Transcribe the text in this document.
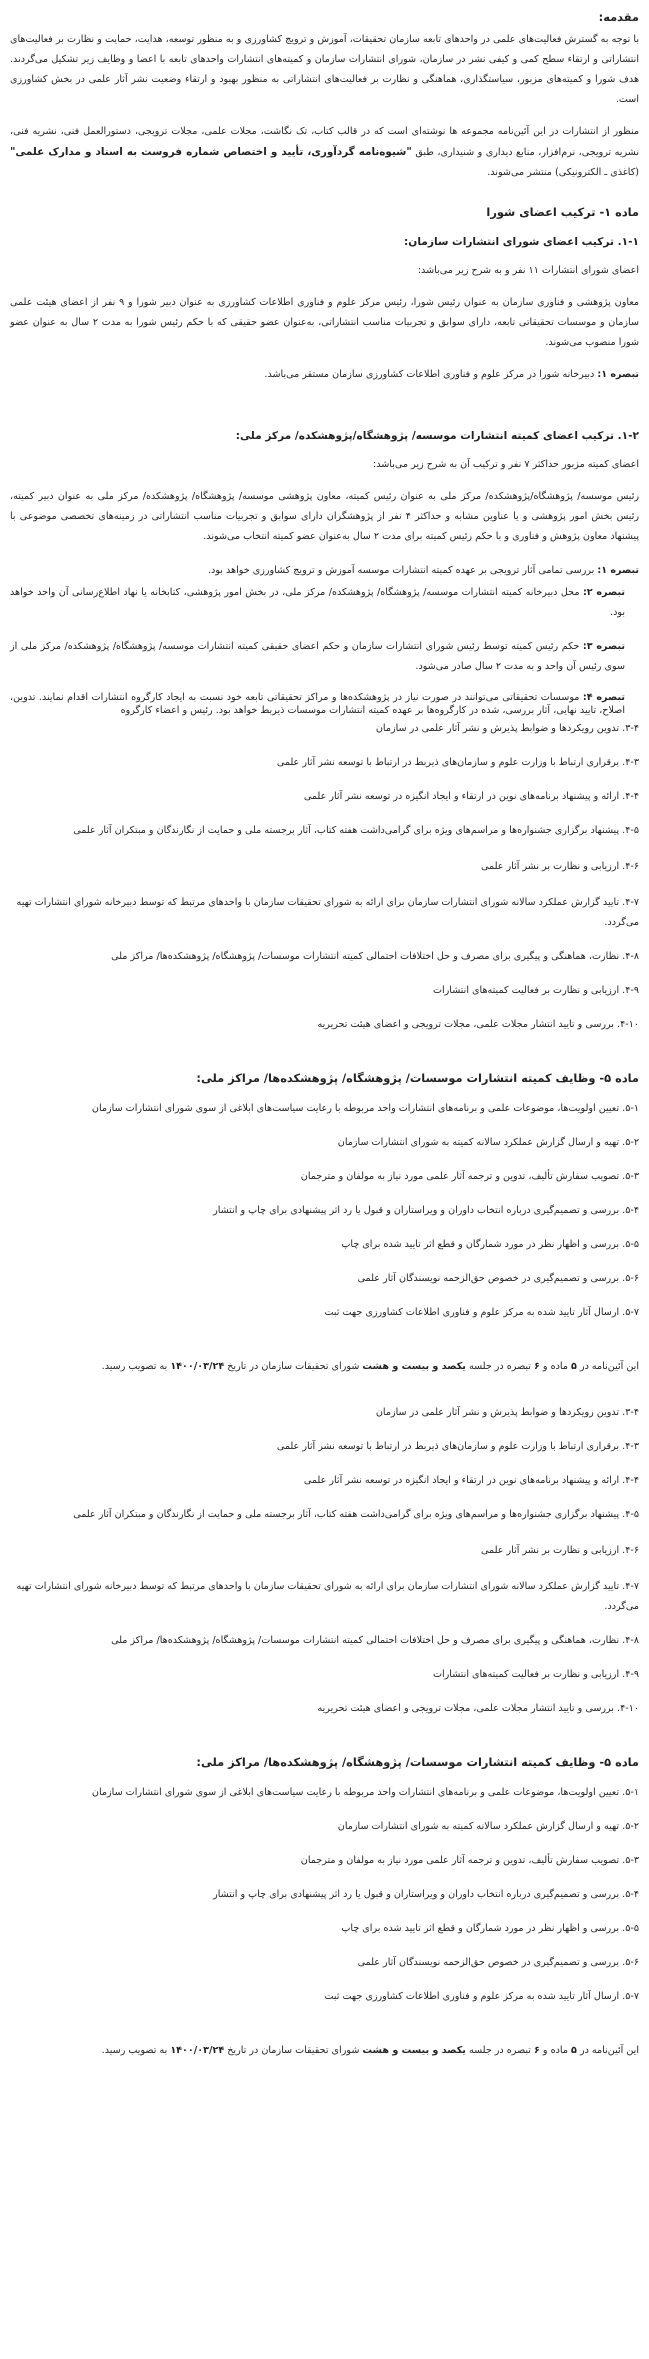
مقدمه:

با توجه به گسترش فعالیت‌های علمی در واحدهای تابعه سازمان تحقیقات، آموزش و ترویج کشاورزی و به منظور توسعه، هدایت، حمایت و نظارت بر فعالیت‌های انتشاراتی و ارتقاء سطح کمی و کیفی نشر در سازمان، شورای انتشارات سازمان و کمیته‌های انتشارات واحدهای تابعه با اعضا و وظایف زیر تشکیل می‌گردند. هدف شورا و کمیته‌های مزبور، سیاستگذاری، هماهنگی و نظارت بر فعالیت‌های انتشاراتی به منظور بهبود و ارتقاء وضعیت نشر آثار علمی در بخش کشاورزی است.

منظور از انتشارات در این آئین‌نامه مجموعه ها نوشته‌ای است که در قالب کتاب، تک نگاشت، مجلات علمی، مجلات ترویجی، دستورالعمل فنی، نشریه فنی، نشریه ترویجی، نرم‌افزار، منابع دیداری و شنیداری، طبق "شیوه‌نامه گردآوری، تأیید و اختصاص شماره فروست به اسناد و مدارک علمی" (کاغذی ـ الکترونیکی) منتشر می‌شوند.

ماده ۱- ترکیب اعضای شورا

۱-۱. ترکیب اعضای شورای انتشارات سازمان:

اعضای شورای انتشارات ۱۱ نفر و به شرح زیر می‌باشد:

معاون پژوهشی و فناوری سازمان به عنوان رئیس شورا، رئیس مرکز علوم و فناوری اطلاعات کشاورزی به عنوان دبیر شورا و ۹ نفر از اعضای هیئت علمی سازمان و موسسات تحقیقاتی تابعه، دارای سوابق و تجربیات مناسب انتشاراتی، به‌عنوان عضو حقیقی که با حکم رئیس شورا به مدت ۲ سال به عنوان عضو شورا منصوب می‌شوند.

تبصره ۱: دبیرخانه شورا در مرکز علوم و فناوری اطلاعات کشاورزی سازمان مستقر می‌باشد.

۱-۲. ترکیب اعضای کمیته انتشارات موسسه/ پژوهشگاه/پژوهشکده/ مرکز ملی:

اعضای کمیته مزبور حداکثر ۷ نفر و ترکیب آن به شرح زیر می‌باشد:

رئیس موسسه/ پژوهشگاه/پژوهشکده/ مرکز ملی به عنوان رئیس کمیته، معاون پژوهشی موسسه/ پژوهشگاه/ پژوهشکده/ مرکز ملی به عنوان دبیر کمیته، رئیس بخش امور پژوهشی و یا عناوین مشابه و حداکثر ۴ نفر از پژوهشگران دارای سوابق و تجربیات مناسب انتشاراتی در زمینه‌های تخصصی موضوعی با پیشنهاد معاون پژوهش و فناوری و با حکم رئیس کمیته برای مدت ۲ سال به‌عنوان عضو کمیته انتخاب می‌شوند.

تبصره ۱: بررسی تمامی آثار ترویجی بر عهده کمیته انتشارات موسسه آموزش و ترویج کشاورزی خواهد بود.

تبصره ۲: محل دبیرخانه کمیته انتشارات موسسه/ پژوهشگاه/ پژوهشکده/ مرکز ملی، در بخش امور پژوهشی، کتابخانه یا نهاد اطلاع‌رسانی آن واحد خواهد بود.

تبصره ۳: حکم رئیس کمیته توسط رئیس شورای انتشارات سازمان و حکم اعضای حقیقی کمیته انتشارات موسسه/ پژوهشگاه/ پژوهشکده/ مرکز ملی از سوی رئیس آن واحد و به مدت ۲ سال صادر می‌شود.

تبصره ۴: موسسات تحقیقاتی می‌توانند در صورت نیاز در پژوهشکده‌ها و مراکز تحقیقاتی تابعه خود نسبت به ایجاد کارگروه انتشارات اقدام نمایند. تدوین، اصلاح، تایید نهایی، آثار بررسی، شده در کارگروه‌ها بر عهده کمیته انتشارات موسسات ذیربط خواهد بود. رئیس و اعضاء کارگروه

۳-۴. تدوین رویکردها و ضوابط پذیرش و نشر آثار علمی در سازمان

۴-۳. برقراری ارتباط با وزارت علوم و سازمان‌های ذیربط در ارتباط با توسعه نشر آثار علمی

۴-۴. ارائه و پیشنهاد برنامه‌های نوین در ارتقاء و ایجاد انگیزه در توسعه نشر آثار علمی

۴-۵. پیشنهاد برگزاری جشنواره‌ها و مراسم‌های ویژه برای گرامی‌داشت هفته کتاب، آثار برجسته ملی و حمایت از نگارندگان و مبتکران آثار علمی

۴-۶. ارزیابی و نظارت بر نشر آثار علمی

۴-۷. تایید گزارش عملکرد سالانه شورای انتشارات سازمان برای ارائه به شورای تحقیقات سازمان با واحدهای مرتبط که توسط دبیرخانه شورای انتشارات تهیه می‌گردد.

۴-۸. نظارت، هماهنگی و پیگیری برای مصرف و حل اختلافات احتمالی کمیته انتشارات موسسات/ پژوهشگاه/ پژوهشکده‌ها/ مراکز ملی

۴-۹. ارزیابی و نظارت بر فعالیت کمیته‌های انتشارات

۴-۱۰. بررسی و تایید انتشار مجلات علمی، مجلات ترویجی و اعضای هیئت تحریریه

ماده ۵- وظایف کمیته انتشارات موسسات/ پژوهشگاه/ پژوهشکده‌ها/ مراکز ملی:

۵-۱. تعیین اولویت‌ها، موضوعات علمی و برنامه‌های انتشارات واحد مربوطه با رعایت سیاست‌های ابلاغی از سوی شورای انتشارات سازمان

۵-۲. تهیه و ارسال گزارش عملکرد سالانه کمیته به شورای انتشارات سازمان

۵-۳. تصویب سفارش تألیف، تدوین و ترجمه آثار علمی مورد نیاز به مولفان و مترجمان

۵-۴. بررسی و تصمیم‌گیری درباره انتخاب داوران و ویراستاران و قبول یا رد اثر پیشنهادی برای چاپ و انتشار

۵-۵. بررسی و اظهار نظر در مورد شمارگان و قطع اثر تایید شده برای چاپ

۵-۶. بررسی و تصمیم‌گیری در خصوص حق‌الزحمه نویسندگان آثار علمی

۵-۷. ارسال آثار تایید شده به مرکز علوم و فناوری اطلاعات کشاورزی جهت ثبت

این آئین‌نامه در ۵ ماده و ۶ تبصره در جلسه یکصد و بیست و هشت شورای تحقیقات سازمان در تاریخ ۱۴۰۰/۰۳/۲۴ به تصویب رسید.

۳-۴. تدوین رویکردها و ضوابط پذیرش و نشر آثار علمی در سازمان

۴-۳. برقراری ارتباط با وزارت علوم و سازمان‌های ذیربط در ارتباط با توسعه نشر آثار علمی

۴-۴. ارائه و پیشنهاد برنامه‌های نوین در ارتقاء و ایجاد انگیزه در توسعه نشر آثار علمی

۴-۵. پیشنهاد برگزاری جشنواره‌ها و مراسم‌های ویژه برای گرامی‌داشت هفته کتاب، آثار برجسته ملی و حمایت از نگارندگان و مبتکران آثار علمی

۴-۶. ارزیابی و نظارت بر نشر آثار علمی

۴-۷. تایید گزارش عملکرد سالانه شورای انتشارات سازمان برای ارائه به شورای تحقیقات سازمان با واحدهای مرتبط که توسط دبیرخانه شورای انتشارات تهیه می‌گردد.

۴-۸. نظارت، هماهنگی و پیگیری برای مصرف و حل اختلافات احتمالی کمیته انتشارات موسسات/ پژوهشگاه/ پژوهشکده‌ها/ مراکز ملی

۴-۹. ارزیابی و نظارت بر فعالیت کمیته‌های انتشارات

۴-۱۰. بررسی و تایید انتشار مجلات علمی، مجلات ترویجی و اعضای هیئت تحریریه

ماده ۵- وظایف کمیته انتشارات موسسات/ پژوهشگاه/ پژوهشکده‌ها/ مراکز ملی:

۵-۱. تعیین اولویت‌ها، موضوعات علمی و برنامه‌های انتشارات واحد مربوطه با رعایت سیاست‌های ابلاغی از سوی شورای انتشارات سازمان

۵-۲. تهیه و ارسال گزارش عملکرد سالانه کمیته به شورای انتشارات سازمان

۵-۳. تصویب سفارش تألیف، تدوین و ترجمه آثار علمی مورد نیاز به مولفان و مترجمان

۵-۴. بررسی و تصمیم‌گیری درباره انتخاب داوران و ویراستاران و قبول یا رد اثر پیشنهادی برای چاپ و انتشار

۵-۵. بررسی و اظهار نظر در مورد شمارگان و قطع اثر تایید شده برای چاپ

۵-۶. بررسی و تصمیم‌گیری در خصوص حق‌الزحمه نویسندگان آثار علمی

۵-۷. ارسال آثار تایید شده به مرکز علوم و فناوری اطلاعات کشاورزی جهت ثبت

این آئین‌نامه در ۵ ماده و ۶ تبصره در جلسه یکصد و بیست و هشت شورای تحقیقات سازمان در تاریخ ۱۴۰۰/۰۳/۲۴ به تصویب رسید.
